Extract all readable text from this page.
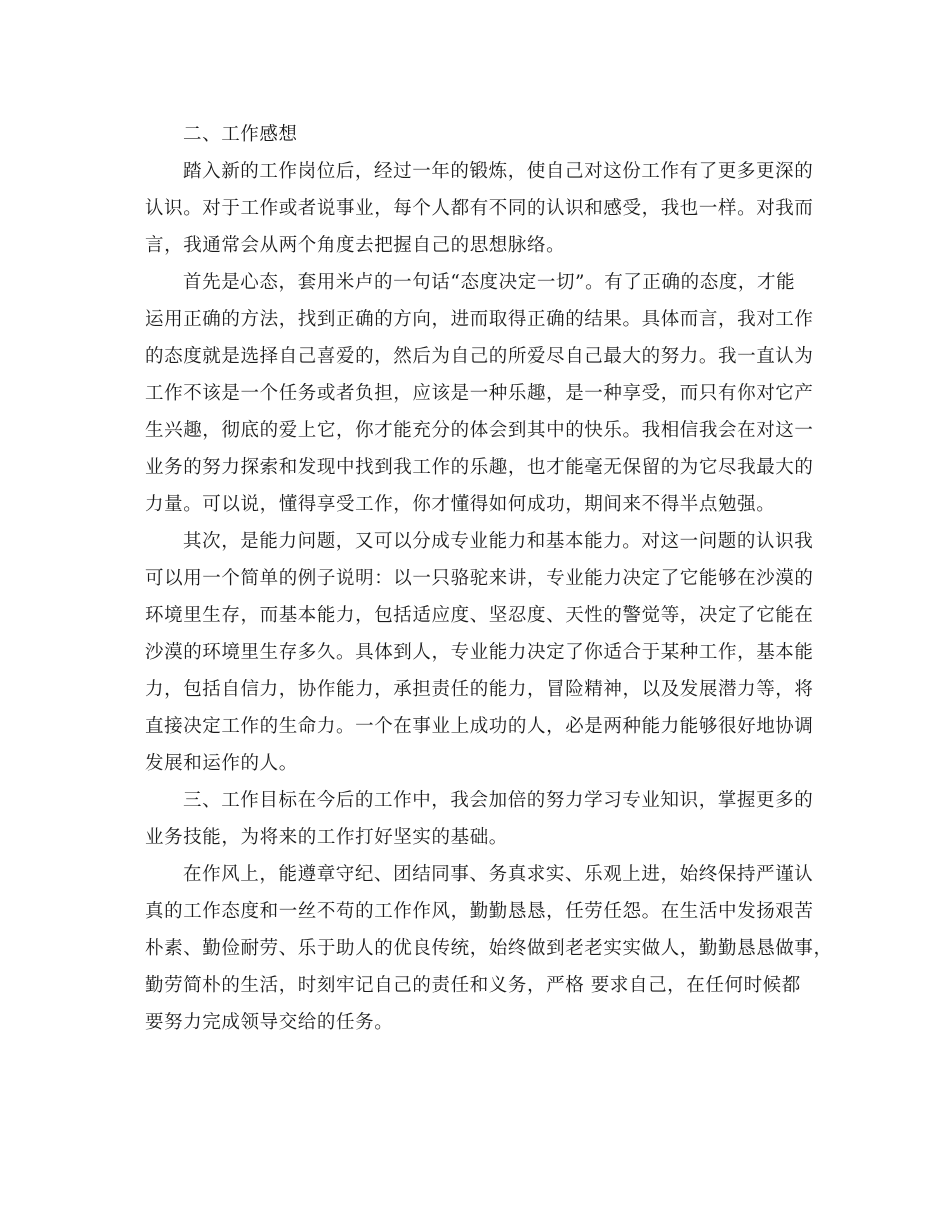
二、工作感想
踏入新的工作岗位后，经过一年的锻炼，使自己对这份工作有了更多更深的
认识。对于工作或者说事业，每个人都有不同的认识和感受，我也一样。对我而
言，我通常会从两个角度去把握自己的思想脉络。
首先是心态，套用米卢的一句话“态度决定一切”。有了正确的态度，才能
运用正确的方法，找到正确的方向，进而取得正确的结果。具体而言，我对工作
的态度就是选择自己喜爱的，然后为自己的所爱尽自己最大的努力。我一直认为
工作不该是一个任务或者负担，应该是一种乐趣，是一种享受，而只有你对它产
生兴趣，彻底的爱上它，你才能充分的体会到其中的快乐。我相信我会在对这一
业务的努力探索和发现中找到我工作的乐趣，也才能毫无保留的为它尽我最大的
力量。可以说，懂得享受工作，你才懂得如何成功，期间来不得半点勉强。
其次，是能力问题，又可以分成专业能力和基本能力。对这一问题的认识我
可以用一个简单的例子说明：以一只骆驼来讲，专业能力决定了它能够在沙漠的
环境里生存，而基本能力，包括适应度、坚忍度、天性的警觉等，决定了它能在
沙漠的环境里生存多久。具体到人，专业能力决定了你适合于某种工作，基本能
力，包括自信力，协作能力，承担责任的能力，冒险精神，以及发展潜力等，将
直接决定工作的生命力。一个在事业上成功的人，必是两种能力能够很好地协调
发展和运作的人。
三、工作目标在今后的工作中，我会加倍的努力学习专业知识，掌握更多的
业务技能，为将来的工作打好坚实的基础。
在作风上，能遵章守纪、团结同事、务真求实、乐观上进，始终保持严谨认
真的工作态度和一丝不苟的工作作风，勤勤恳恳，任劳任怨。在生活中发扬艰苦
朴素、勤俭耐劳、乐于助人的优良传统，始终做到老老实实做人，勤勤恳恳做事，
勤劳简朴的生活，时刻牢记自己的责任和义务，严格 要求自己，在任何时候都
要努力完成领导交给的任务。
